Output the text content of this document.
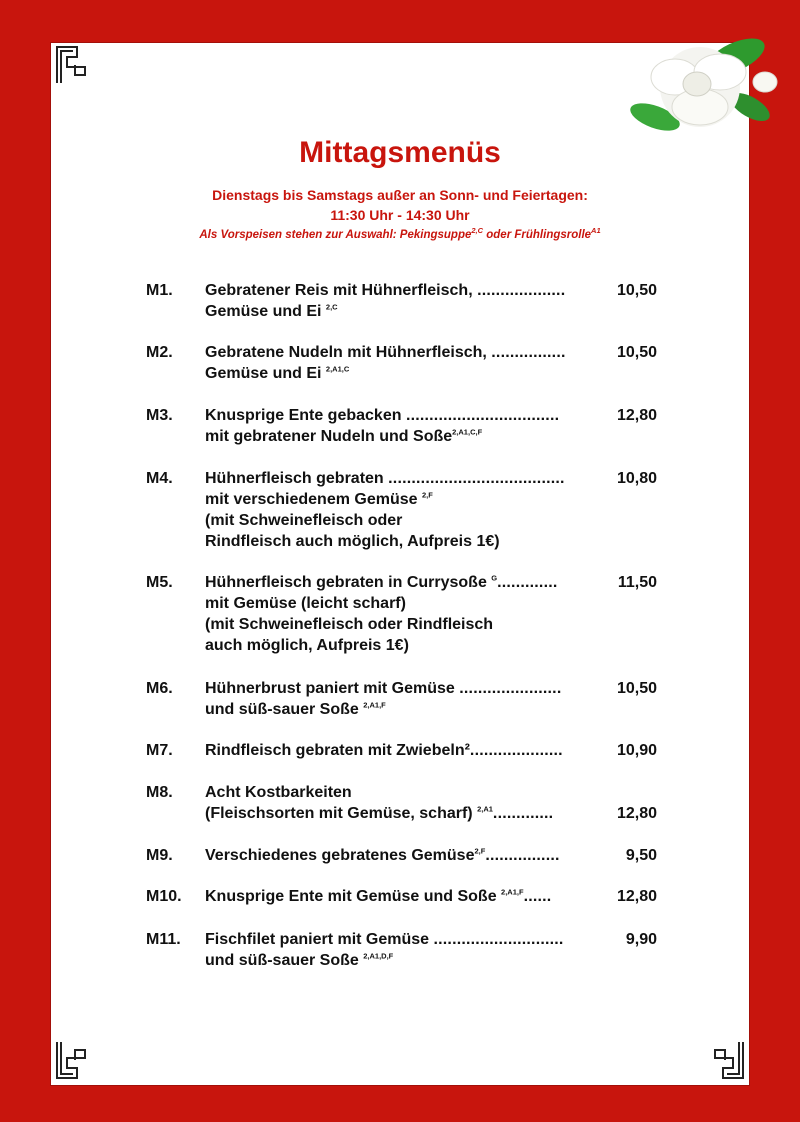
Mittagsmenüs
Dienstags bis Samstags außer an Sonn- und Feiertagen:
11:30 Uhr - 14:30 Uhr
Als Vorspeisen stehen zur Auswahl: Pekingsuppe$^{2,C}$ oder Frühlingsrolle$^{A1}$
M1. Gebratener Reis mit Hühnerfleisch, ...................
Gemüse und Ei $^{2,C}$
10,50
M2. Gebratene Nudeln mit Hühnerfleisch, ................
Gemüse und Ei $^{2,A1,C}$
10,50
M3. Knusprige Ente gebacken .................................
mit gebratener Nudeln und Soße$^{2,A1,C,F}$
12,80
M4. Hühnerfleisch gebraten ......................................
mit verschiedenem Gemüse $^{2,F}$
(mit Schweinefleisch oder
Rindfleisch auch möglich, Aufpreis 1€)
10,80
M5. Hühnerfleisch gebraten in Currysoße $^G$.............
mit Gemüse (leicht scharf)
(mit Schweinefleisch oder Rindfleisch
auch möglich, Aufpreis 1€)
11,50
M6. Hühnerbrust paniert mit Gemüse ......................
und süß-sauer Soße $^{2,A1,F}$
10,50
M7. Rindfleisch gebraten mit Zwiebeln²....................	10,90
M8. Acht Kostbarkeiten
(Fleischsorten mit Gemüse, scharf) $^{2,A1}$.............	12,80
M9. Verschiedenes gebratenes Gemüse$^{2,F}$................	9,50
M10. Knusprige Ente mit Gemüse und Soße $^{2,A1,F}$......	12,80
M11. Fischfilet paniert mit Gemüse ............................
und süß-sauer Soße $^{2,A1,D,F}$
9,90
